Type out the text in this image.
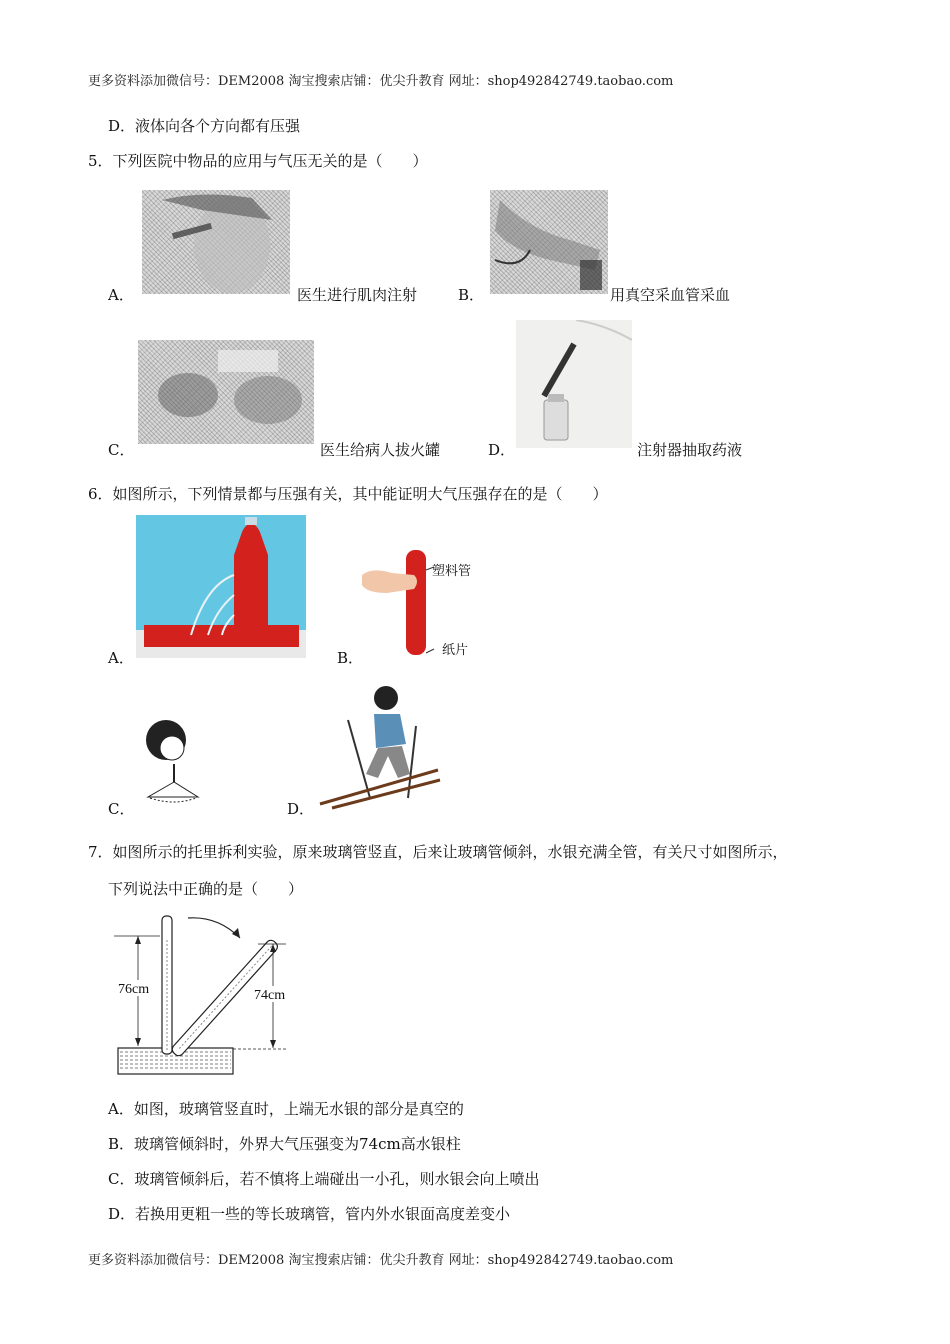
更多资料添加微信号：DEM2008 淘宝搜索店铺：优尖升教育 网址：shop492842749.taobao.com
D．液体向各个方向都有压强
5．下列医院中物品的应用与气压无关的是（　　）
A．	医生进行肌肉注射	B．	用真空采血管采血
C．	医生给病人拔火罐	D．	注射器抽取药液
6．如图所示，下列情景都与压强有关，其中能证明大气压强存在的是（　　）
A．
塑料管
纸片
B．
C．	D．
7．如图所示的托里拆利实验，原来玻璃管竖直，后来让玻璃管倾斜，水银充满全管，有关尺寸如图所示，
下列说法中正确的是（　　）
76cm	74cm
A．如图，玻璃管竖直时，上端无水银的部分是真空的
B．玻璃管倾斜时，外界大气压强变为74cm高水银柱
C．玻璃管倾斜后，若不慎将上端碰出一小孔，则水银会向上喷出
D．若换用更粗一些的等长玻璃管，管内外水银面高度差变小
更多资料添加微信号：DEM2008 淘宝搜索店铺：优尖升教育 网址：shop492842749.taobao.com
